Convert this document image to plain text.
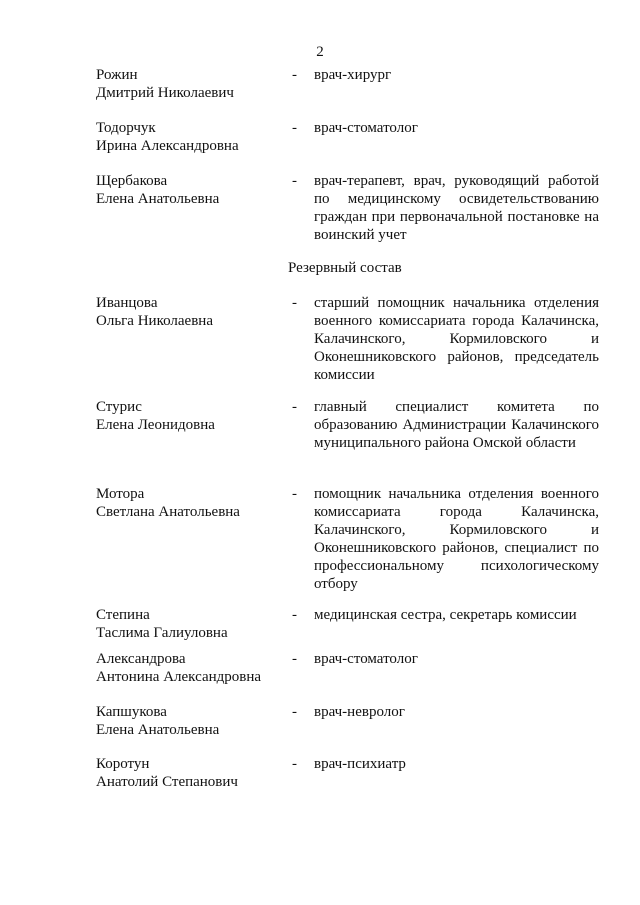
2
Рожин
Дмитрий Николаевич
- врач-хирург
Тодорчук
Ирина Александровна
- врач-стоматолог
Щербакова
Елена Анатольевна
- врач-терапевт, врач, руководящий работой по медицинскому освидетельствованию граждан при первоначальной постановке на воинский учет
Резервный состав
Иванцова
Ольга Николаевна
- старший помощник начальника отделения военного комиссариата города Калачинска, Калачинского, Кормиловского и Оконешниковского районов, председатель комиссии
Стурис
Елена Леонидовна
- главный специалист комитета по образованию Администрации Калачинского муниципального района Омской области
Мотора
Светлана Анатольевна
- помощник начальника отделения военного комиссариата города Калачинска, Калачинского, Кормиловского и Оконешниковского районов, специалист по профессиональному психологическому отбору
Степина
Таслима Галиуловна
- медицинская сестра, секретарь комиссии
Александрова
Антонина Александровна
- врач-стоматолог
Капшукова
Елена Анатольевна
- врач-невролог
Коротун
Анатолий Степанович
- врач-психиатр
